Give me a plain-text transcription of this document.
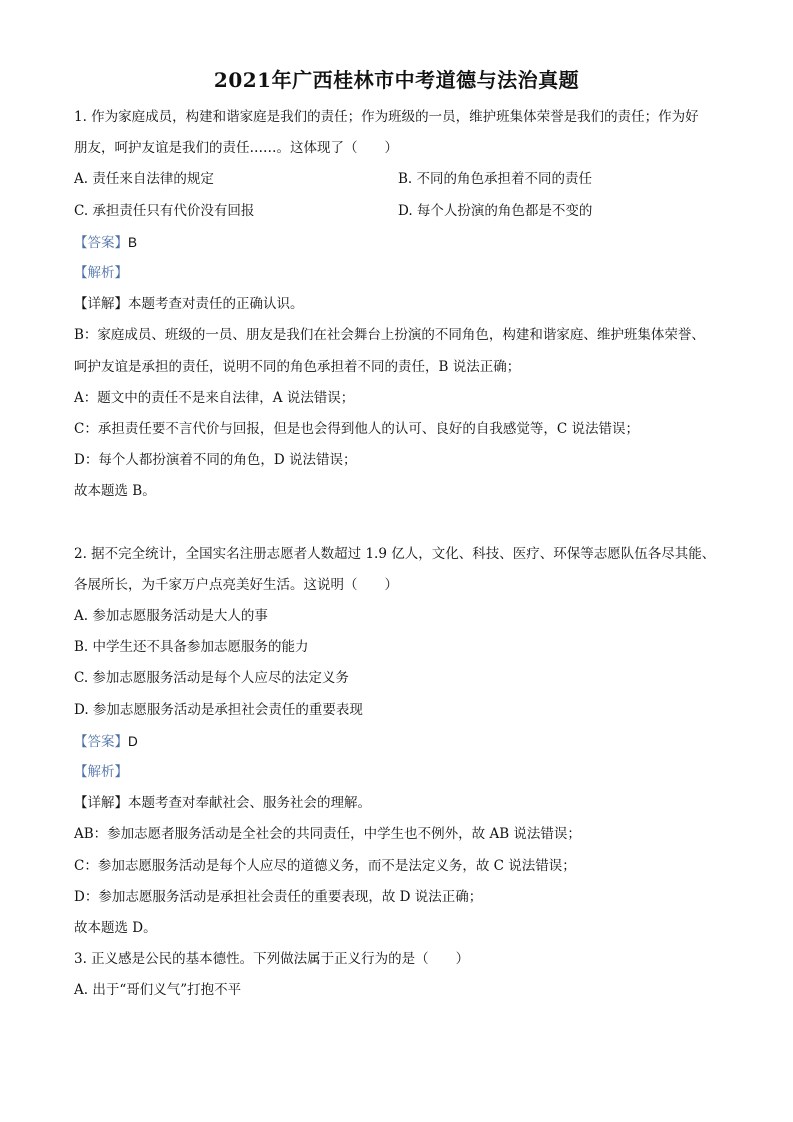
2021年广西桂林市中考道德与法治真题
1. 作为家庭成员，构建和谐家庭是我们的责任；作为班级的一员，维护班集体荣誉是我们的责任；作为好
朋友，呵护友谊是我们的责任……。这体现了（　　）
A. 责任来自法律的规定	B. 不同的角色承担着不同的责任
C. 承担责任只有代价没有回报	D. 每个人扮演的角色都是不变的
【答案】B
【解析】
【详解】本题考查对责任的正确认识。
B：家庭成员、班级的一员、朋友是我们在社会舞台上扮演的不同角色，构建和谐家庭、维护班集体荣誉、
呵护友谊是承担的责任，说明不同的角色承担着不同的责任，B 说法正确；
A：题文中的责任不是来自法律，A 说法错误；
C：承担责任要不言代价与回报，但是也会得到他人的认可、良好的自我感觉等，C 说法错误；
D：每个人都扮演着不同的角色，D 说法错误；
故本题选 B。
2. 据不完全统计，全国实名注册志愿者人数超过 1.9 亿人，文化、科技、医疗、环保等志愿队伍各尽其能、
各展所长，为千家万户点亮美好生活。这说明（　　）
A. 参加志愿服务活动是大人的事
B. 中学生还不具备参加志愿服务的能力
C. 参加志愿服务活动是每个人应尽的法定义务
D. 参加志愿服务活动是承担社会责任的重要表现
【答案】D
【解析】
【详解】本题考查对奉献社会、服务社会的理解。
AB：参加志愿者服务活动是全社会的共同责任，中学生也不例外，故 AB 说法错误；
C：参加志愿服务活动是每个人应尽的道德义务，而不是法定义务，故 C 说法错误；
D：参加志愿服务活动是承担社会责任的重要表现，故 D 说法正确；
故本题选 D。
3. 正义感是公民的基本德性。下列做法属于正义行为的是（　　）
A. 出于“哥们义气”打抱不平
